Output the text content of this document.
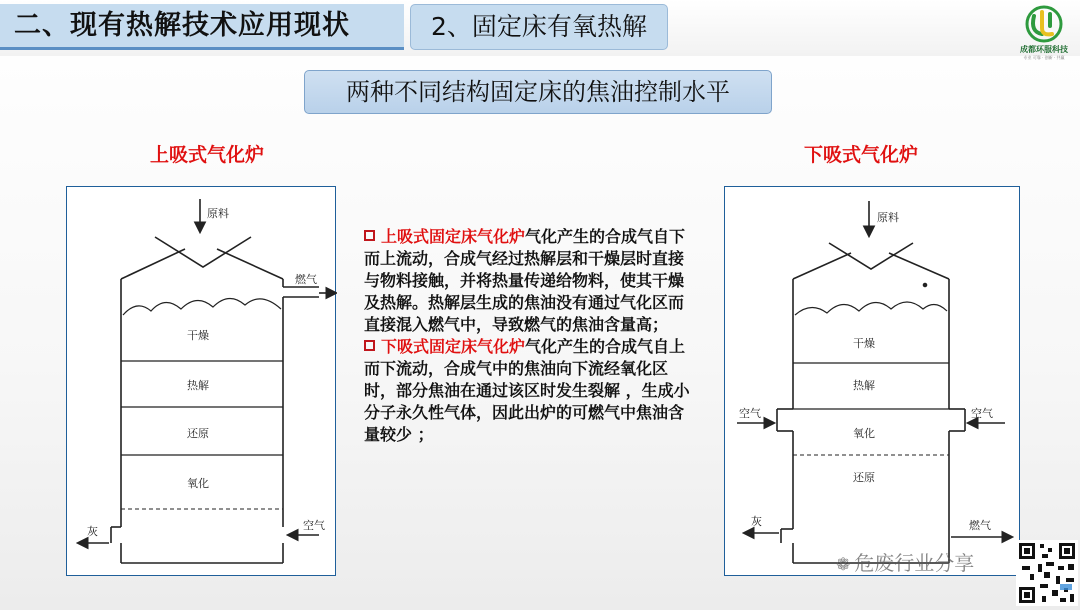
二、现有热解技术应用现状	2、固定床有氧热解
成都环服科技
专业 可靠 · 创新 · 共赢
两种不同结构固定床的焦油控制水平
上吸式气化炉	下吸式气化炉
原料
燃气
干燥
热解
还原
氧化
灰	空气
原料
干燥
热解
空气	空气
氧化
还原
灰	燃气

上吸式固定床气化炉气化产生的合成气自下而上流动，合成气经过热解层和干燥层时直接与物料接触，并将热量传递给物料，使其干燥及热解。热解层生成的焦油没有通过气化区而直接混入燃气中，导致燃气的焦油含量高；

下吸式固定床气化炉气化产生的合成气自上而下流动，合成气中的焦油向下流经氧化区时，部分焦油在通过该区时发生裂解 ，生成小分子永久性气体，因此出炉的可燃气中焦油含量较少 ；

❁ 危废行业分享
